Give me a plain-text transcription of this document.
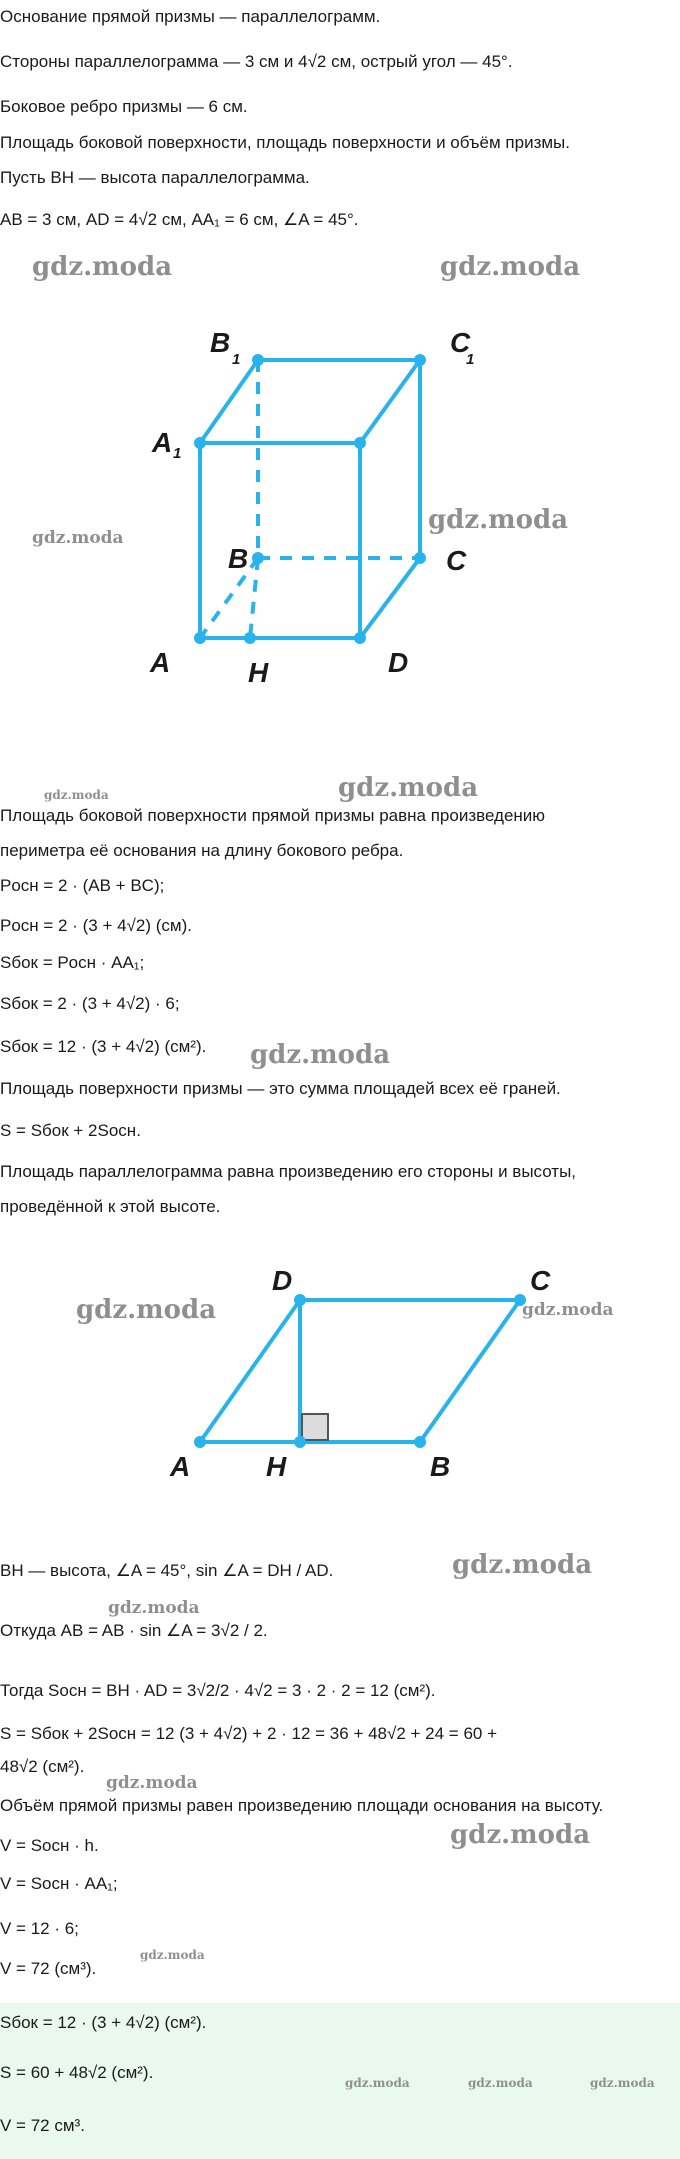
Основание прямой призмы — параллелограмм.
Стороны параллелограмма — 3 см и 4√2 см, острый угол — 45°.
Боковое ребро призмы — 6 см.
Площадь боковой поверхности, площадь поверхности и объём призмы.
Пусть BH — высота параллелограмма.
AB = 3 см, AD = 4√2 см, AA₁ = 6 см, ∠A = 45°.
B
1
C
1
A 1
B	C
A	H	D
Площадь боковой поверхности прямой призмы равна произведению
периметра её основания на длину бокового ребра.
Pосн = 2 · (AB + BC);
Pосн = 2 · (3 + 4√2) (см).
Sбок = Pосн · AA₁;
Sбок = 2 · (3 + 4√2) · 6;
Sбок = 12 · (3 + 4√2) (см²).
Площадь поверхности призмы — это сумма площадей всех её граней.
S = Sбок + 2Sосн.
Площадь параллелограмма равна произведению его стороны и высоты,
проведённой к этой высоте.
D	C
A	H	B
BH — высота, ∠A = 45°, sin ∠A = DH / AD.
Откуда AB = AB · sin ∠A = 3√2 / 2.
Тогда Sосн = BH · AD = 3√2/2 · 4√2 = 3 · 2 · 2 = 12 (см²).
S = Sбок + 2Sосн = 12 (3 + 4√2) + 2 · 12 = 36 + 48√2 + 24 = 60 +
48√2 (см²).
Объём прямой призмы равен произведению площади основания на высоту.
V = Sосн · h.
V = Sосн · AA₁;
V = 12 · 6;
V = 72 (см³).
Sбок = 12 · (3 + 4√2) (см²).
S = 60 + 48√2 (см²).
V = 72 см³.
gdz.moda	gdz.moda
gdz.moda
gdz.moda
gdz.moda	gdz.moda
gdz.moda
gdz.moda	gdz.moda
gdz.moda
gdz.moda
gdz.moda
gdz.moda
gdz.moda
gdz.moda	gdz.moda	gdz.moda
